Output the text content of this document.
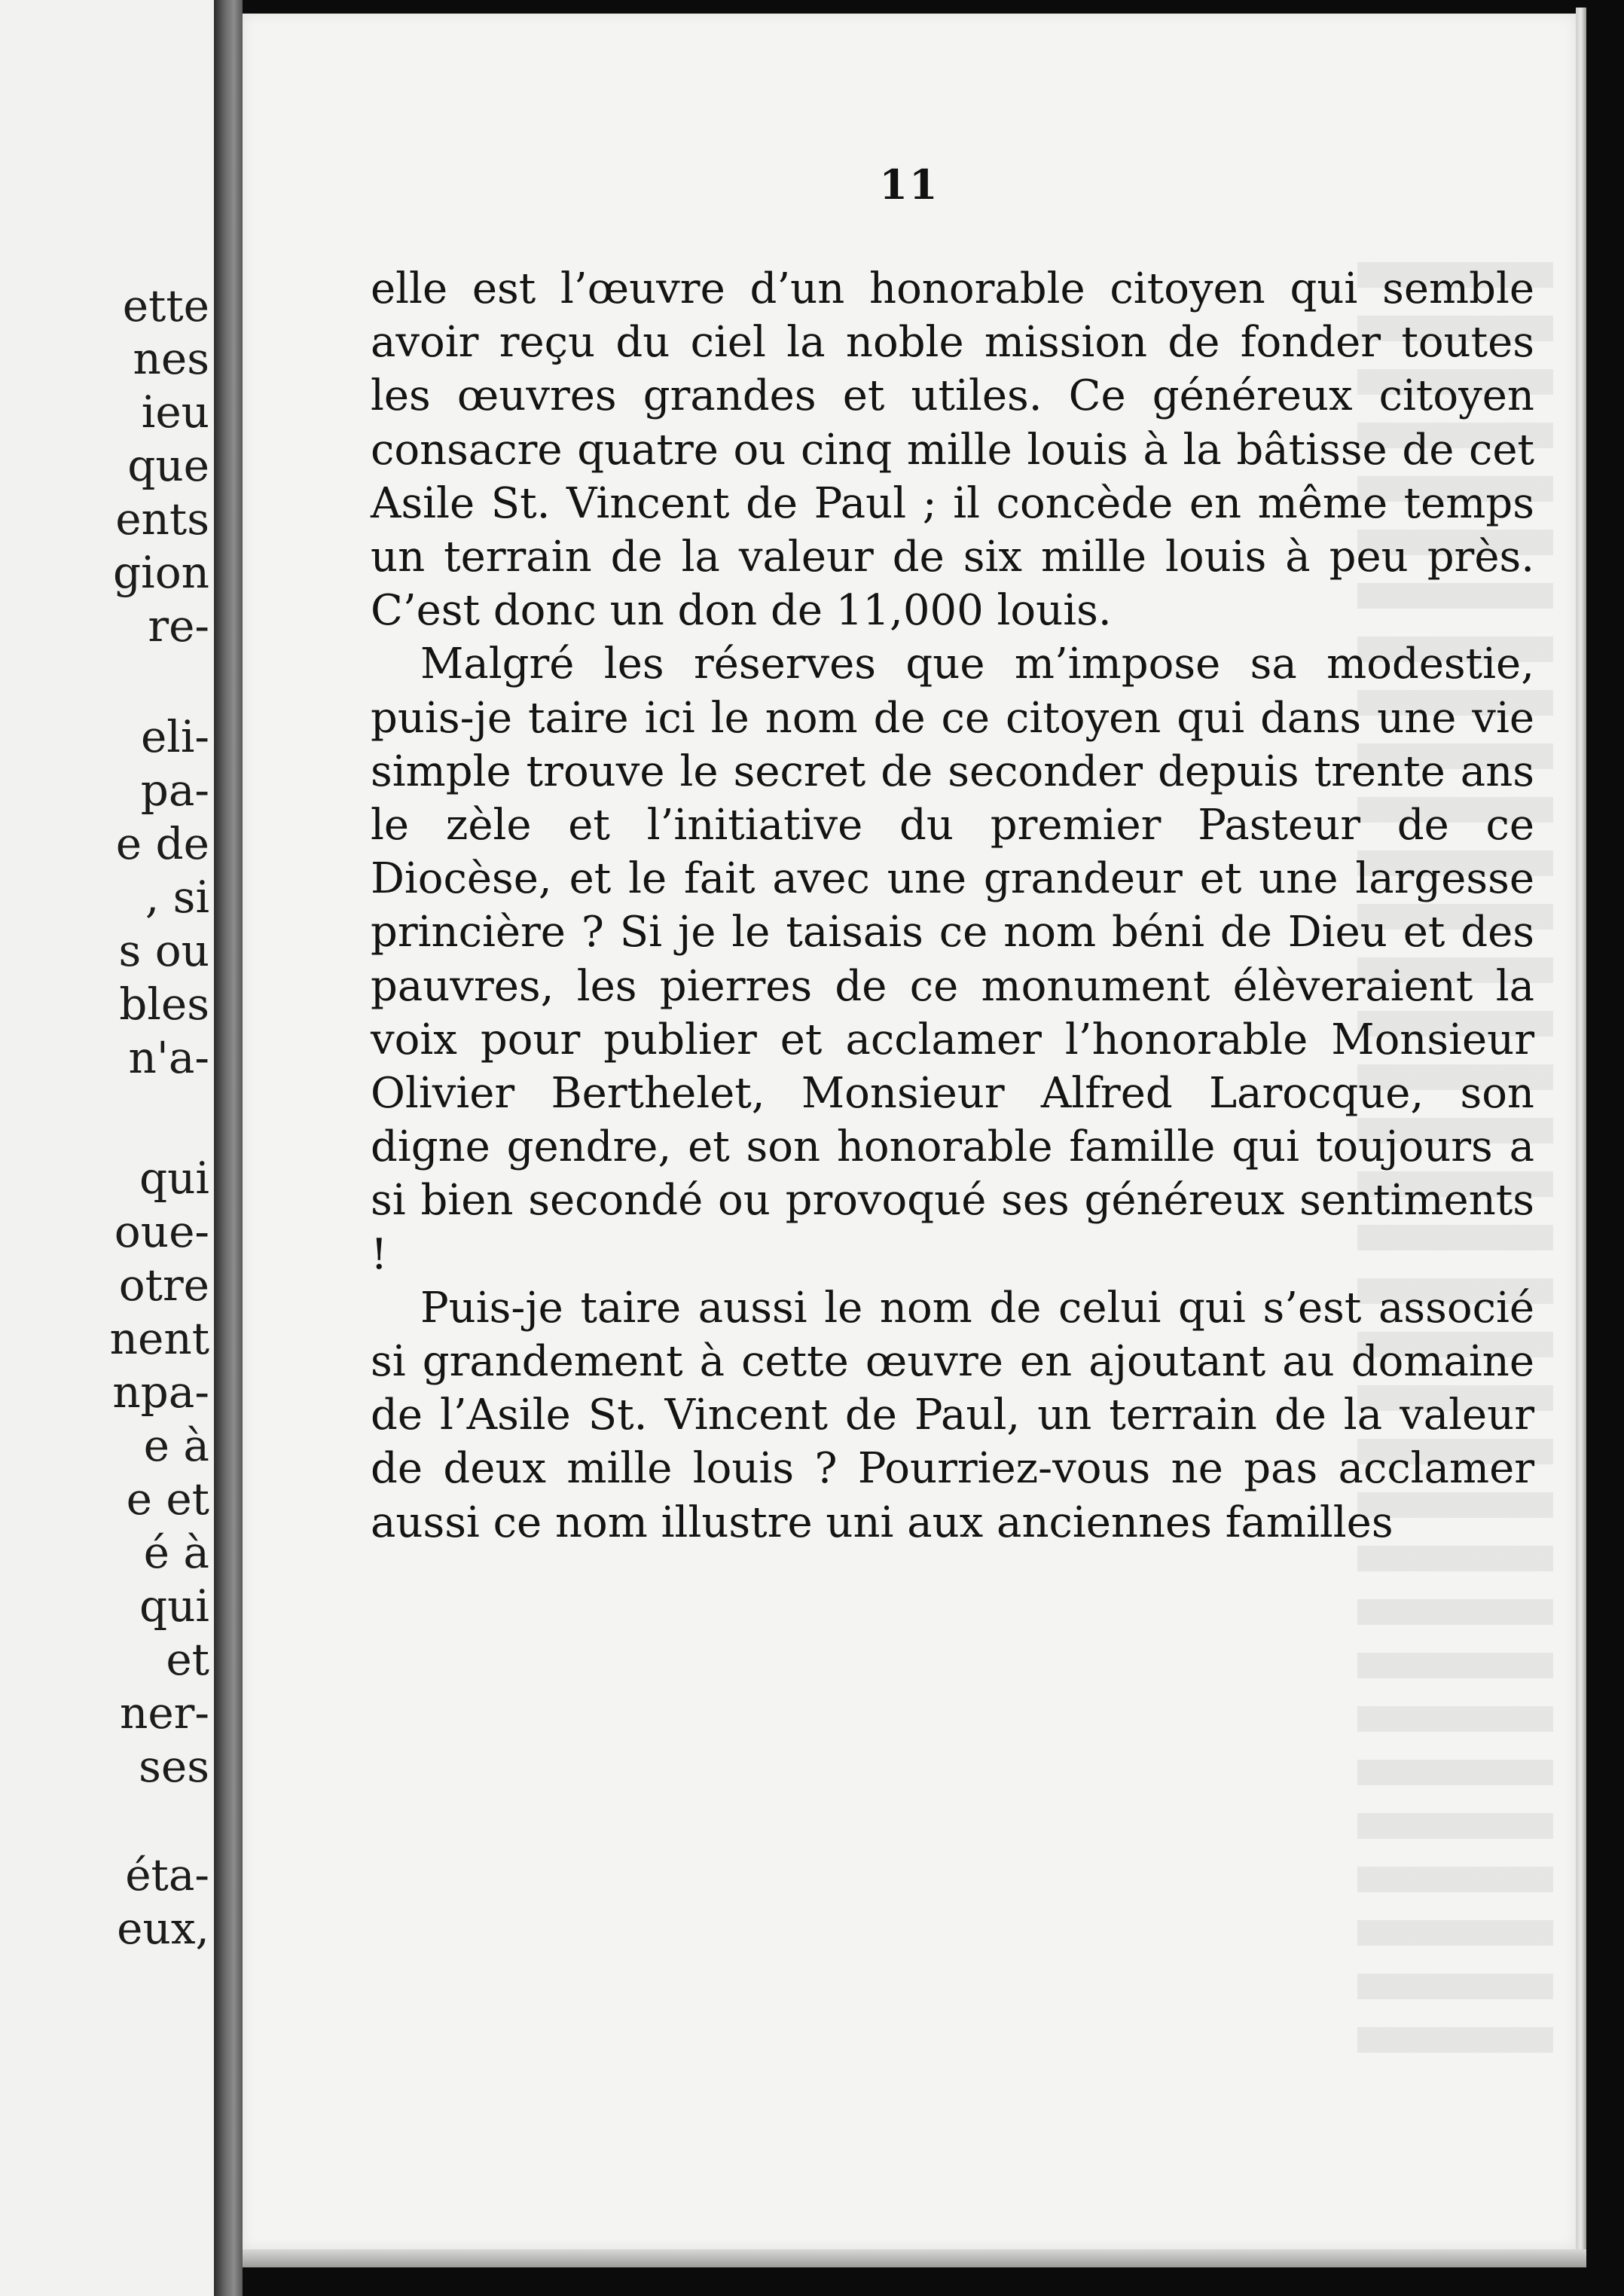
ette
nes
ieu
que
ents
gion
re-
eli-
pa-
e de
, si
s ou
bles
n'a-
qui
oue-
otre
nent
npa-
e à
e et
é à
qui
et
ner-
ses
éta-
eux,
11

elle est l’œuvre d’un honorable citoyen qui semble avoir reçu du ciel la noble mission de fonder toutes les œuvres grandes et utiles. Ce généreux citoyen consacre quatre ou cinq mille louis à la bâtisse de cet Asile St. Vincent de Paul ; il concède en même temps un terrain de la valeur de six mille louis à peu près. C’est donc un don de 11,000 louis.

Malgré les réserves que m’impose sa modestie, puis-je taire ici le nom de ce citoyen qui dans une vie simple trouve le secret de seconder depuis trente ans le zèle et l’initiative du premier Pasteur de ce Diocèse, et le fait avec une grandeur et une largesse princière ? Si je le taisais ce nom béni de Dieu et des pauvres, les pierres de ce monument élèveraient la voix pour publier et acclamer l’honorable Monsieur Olivier Berthelet, Monsieur Alfred Larocque, son digne gendre, et son honorable famille qui toujours a si bien secondé ou provoqué ses généreux sentiments !

Puis-je taire aussi le nom de celui qui s’est associé si grandement à cette œuvre en ajoutant au domaine de l’Asile St. Vincent de Paul, un terrain de la valeur de deux mille louis ? Pourriez-vous ne pas acclamer aussi ce nom illustre uni aux anciennes familles
